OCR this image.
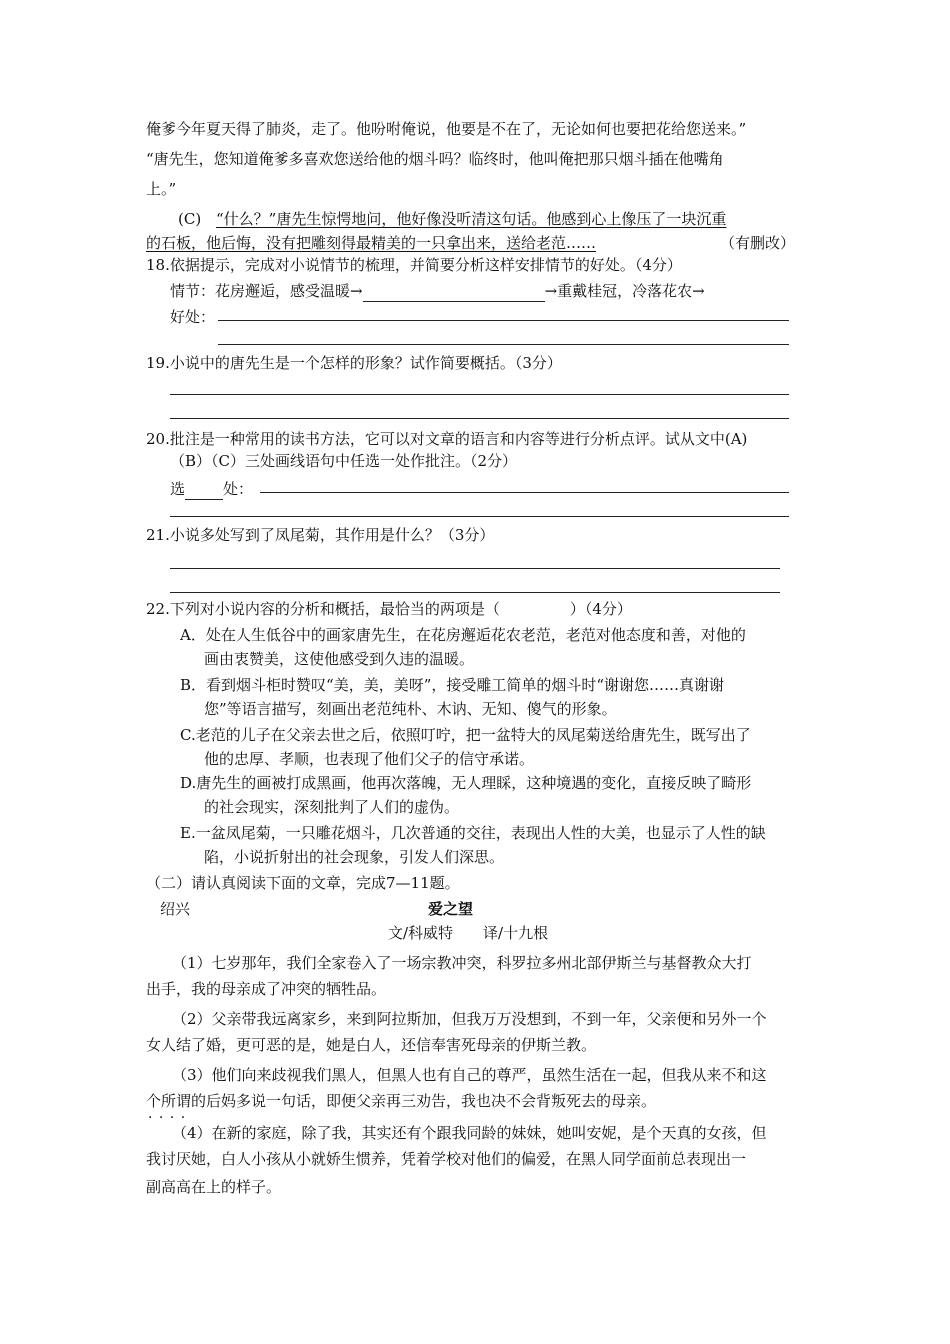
俺爹今年夏天得了肺炎，走了。他吩咐俺说，他要是不在了，无论如何也要把花给您送来。”
“唐先生，您知道俺爹多喜欢您送给他的烟斗吗？临终时，他叫俺把那只烟斗插在他嘴角
上。”
(C) “什么？”唐先生惊愕地问，他好像没听清这句话。他感到心上像压了一块沉重
的石板，他后悔，没有把雕刻得最精美的一只拿出来，送给老范……	（有删改）
18.依据提示，完成对小说情节的梳理，并简要分析这样安排情节的好处。（4分）
情节：花房邂逅，感受温暖→	→重戴桂冠，冷落花农→
好处：
19.小说中的唐先生是一个怎样的形象？试作简要概括。（3分）
20.批注是一种常用的读书方法，它可以对文章的语言和内容等进行分析点评。试从文中(A)
（B）（C）三处画线语句中任选一处作批注。（2分）
选	处：
21.小说多处写到了凤尾菊，其作用是什么？（3分）
22.下列对小说内容的分析和概括，最恰当的两项是（	）（4分）
A．处在人生低谷中的画家唐先生，在花房邂逅花农老范，老范对他态度和善，对他的
画由衷赞美，这使他感受到久违的温暖。
B．看到烟斗柜时赞叹“美，美，美呀”，接受雕工简单的烟斗时“谢谢您……真谢谢
您”等语言描写，刻画出老范纯朴、木讷、无知、傻气的形象。
C.老范的儿子在父亲去世之后，依照叮咛，把一盆特大的凤尾菊送给唐先生，既写出了
他的忠厚、孝顺，也表现了他们父子的信守承诺。
D.唐先生的画被打成黑画，他再次落魄，无人理睬，这种境遇的变化，直接反映了畸形
的社会现实，深刻批判了人们的虚伪。
E.一盆凤尾菊，一只雕花烟斗，几次普通的交往，表现出人性的大美，也显示了人性的缺
陷，小说折射出的社会现象，引发人们深思。
（二）请认真阅读下面的文章，完成7—11题。
绍兴	爱之望
文/科威特　　译/十九根
（1）七岁那年，我们全家卷入了一场宗教冲突，科罗拉多州北部伊斯兰与基督教众大打
出手，我的母亲成了冲突的牺牲品。
（2）父亲带我远离家乡，来到阿拉斯加，但我万万没想到，不到一年，父亲便和另外一个
女人结了婚，更可恶的是，她是白人，还信奉害死母亲的伊斯兰教。
（3）他们向来歧视我们黑人，但黑人也有自己的尊严，虽然生活在一起，但我从来不和这
个所谓的 · · · ·后妈多说一句话，即便父亲再三劝告，我也决不会背叛死去的母亲。
（4）在新的家庭，除了我，其实还有个跟我同龄的妹妹，她叫安妮，是个天真的女孩，但
我讨厌她，白人小孩从小就娇生惯养，凭着学校对他们的偏爱，在黑人同学面前总表现出一
副高高在上的样子。
